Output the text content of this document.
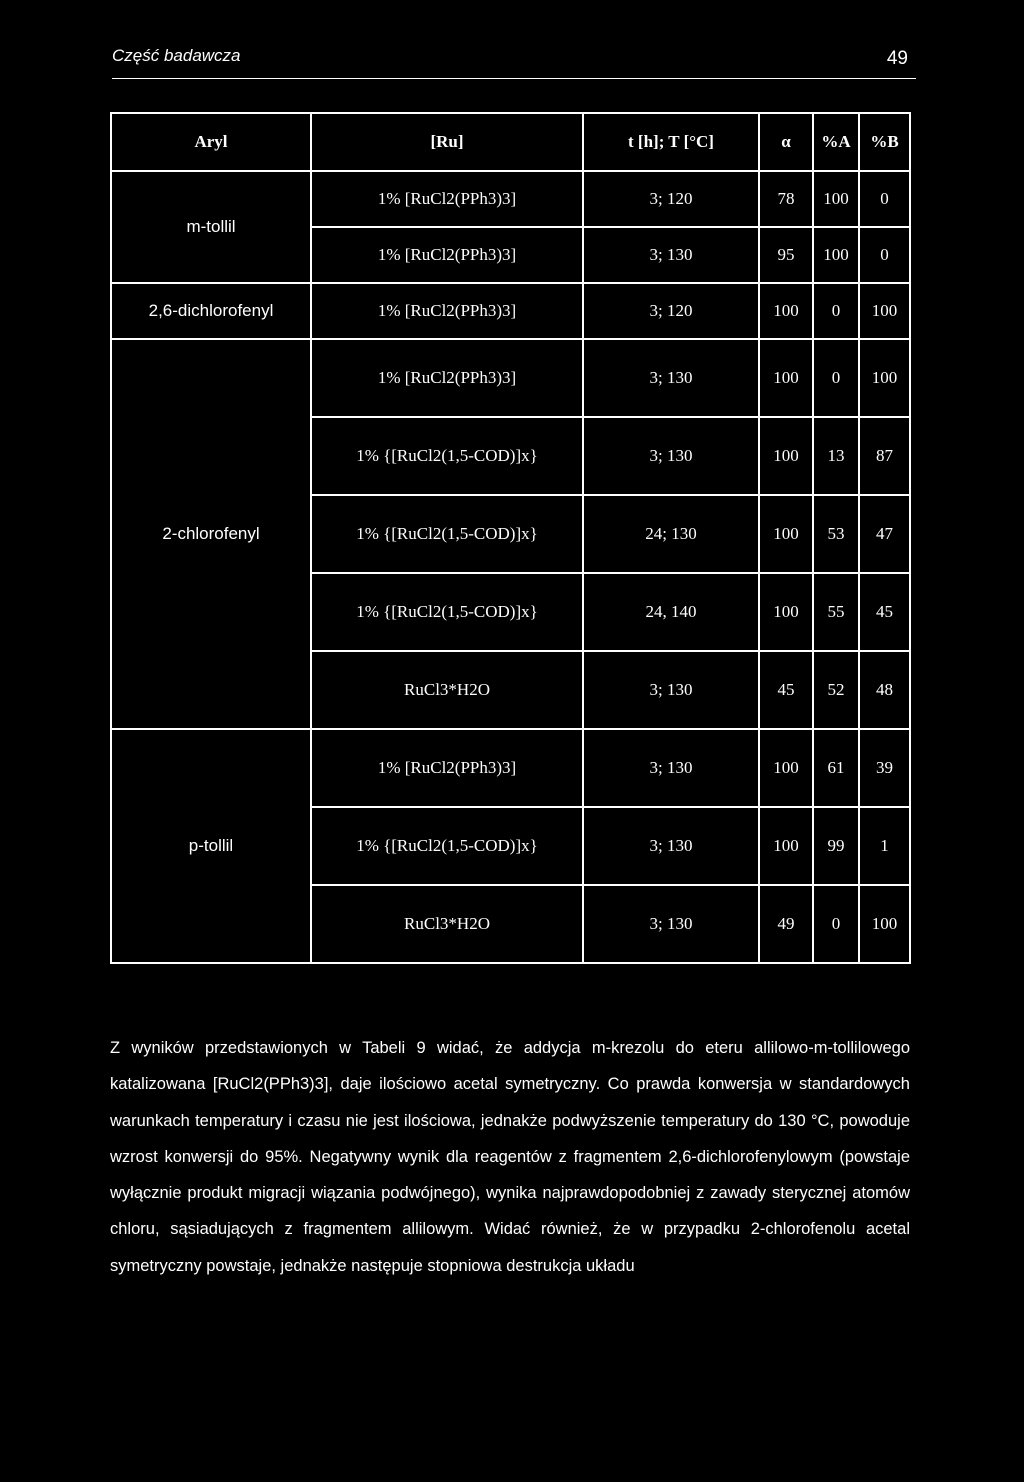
Część badawcza	49
Aryl	[Ru]	t [h]; T [°C]	α	%A	%B
m-tollil	1% [RuCl2(PPh3)3]	3; 120	78	100	0
	1% [RuCl2(PPh3)3]	3; 130	95	100	0
2,6-dichlorofenyl	1% [RuCl2(PPh3)3]	3; 120	100	0	100
2-chlorofenyl	1% [RuCl2(PPh3)3]	3; 130	100	0	100
	1% {[RuCl2(1,5-COD)]x}	3; 130	100	13	87
	1% {[RuCl2(1,5-COD)]x}	24; 130	100	53	47
	1% {[RuCl2(1,5-COD)]x}	24, 140	100	55	45
	RuCl3*H2O	3; 130	45	52	48
p-tollil	1% [RuCl2(PPh3)3]	3; 130	100	61	39
	1% {[RuCl2(1,5-COD)]x}	3; 130	100	99	1
	RuCl3*H2O	3; 130	49	0	100

Z wyników przedstawionych w Tabeli 9 widać, że addycja m-krezolu do eteru allilowo-m-tollilowego katalizowana [RuCl2(PPh3)3], daje ilościowo acetal symetryczny. Co prawda konwersja w standardowych warunkach temperatury i czasu nie jest ilościowa, jednakże podwyższenie temperatury do 130 °C, powoduje wzrost konwersji do 95%. Negatywny wynik dla reagentów z fragmentem 2,6-dichlorofenylowym (powstaje wyłącznie produkt migracji wiązania podwójnego), wynika najprawdopodobniej z zawady sterycznej atomów chloru, sąsiadujących z fragmentem allilowym. Widać również, że w przypadku 2-chlorofenolu acetal symetryczny powstaje, jednakże następuje stopniowa destrukcja układu
